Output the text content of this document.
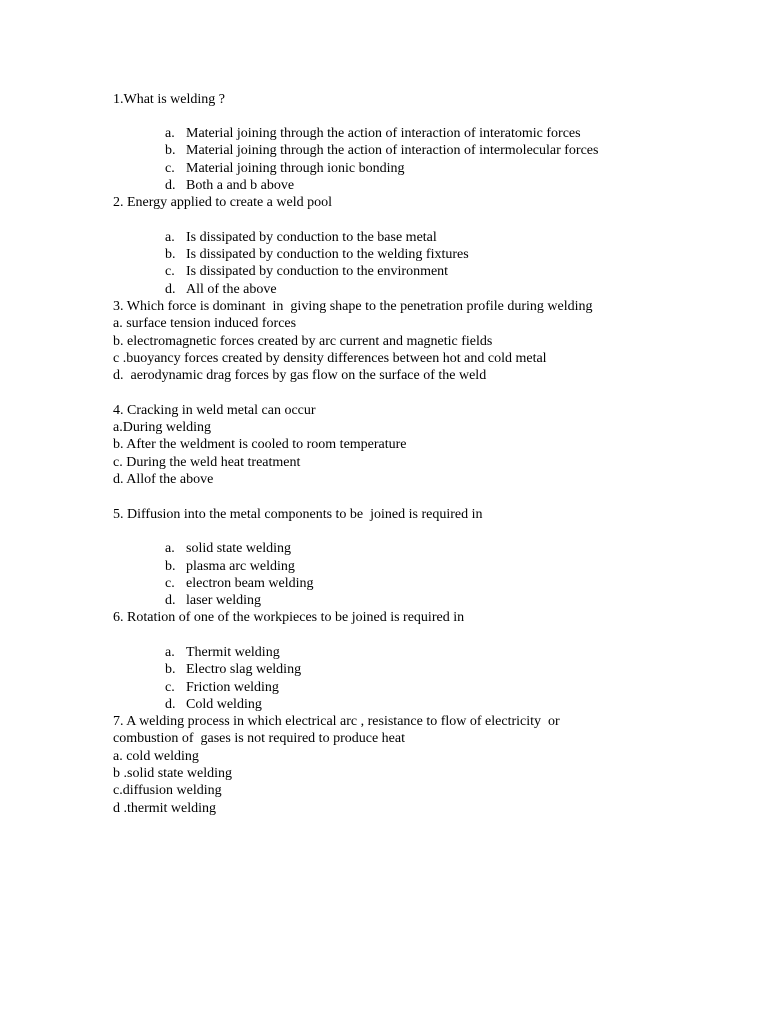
1.What is welding ?

a. Material joining through the action of interaction of interatomic forces

b. Material joining through the action of interaction of intermolecular forces

c. Material joining through ionic bonding

d. Both a and b above

2. Energy applied to create a weld pool

a. Is dissipated by conduction to the base metal

b. Is dissipated by conduction to the welding fixtures

c. Is dissipated by conduction to the environment

d. All of the above

3. Which force is dominant  in  giving shape to the penetration profile during welding
a. surface tension induced forces
b. electromagnetic forces created by arc current and magnetic fields
c .buoyancy forces created by density differences between hot and cold metal
d.  aerodynamic drag forces by gas flow on the surface of the weld
4. Cracking in weld metal can occur
a.During welding
b. After the weldment is cooled to room temperature
c. During the weld heat treatment
d. Allof the above
5. Diffusion into the metal components to be  joined is required in

a. solid state welding

b. plasma arc welding

c. electron beam welding

d. laser welding

6. Rotation of one of the workpieces to be joined is required in

a. Thermit welding

b. Electro slag welding

c. Friction welding

d. Cold welding

7. A welding process in which electrical arc , resistance to flow of electricity  or
combustion of  gases is not required to produce heat
a. cold welding
b .solid state welding
c.diffusion welding
d .thermit welding
